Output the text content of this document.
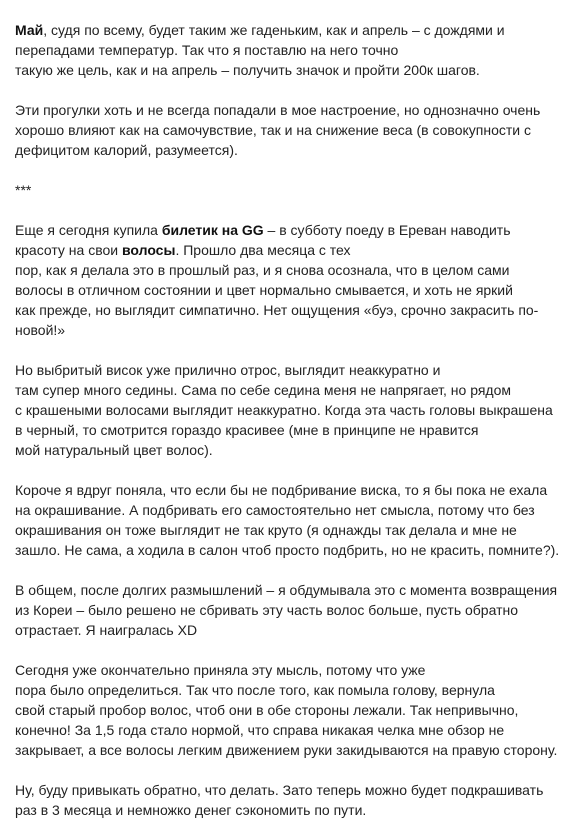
Май, судя по всему, будет таким же гаденьким, как и апрель – с дождями и
перепадами температур. Так что я поставлю на него точно
такую же цель, как и на апрель – получить значок и пройти 200к шагов.

Эти прогулки хоть и не всегда попадали в мое настроение, но однозначно очень
хорошо влияют как на самочувствие, так и на снижение веса (в совокупности с
дефицитом калорий, разумеется).

***

Еще я сегодня купила билетик на GG – в субботу поеду в Ереван наводить
красоту на свои волосы. Прошло два месяца с тех
пор, как я делала это в прошлый раз, и я снова осознала, что в целом сами
волосы в отличном состоянии и цвет нормально смывается, и хоть не яркий
как прежде, но выглядит симпатично. Нет ощущения «буэ, срочно закрасить по-
новой!»

Но выбритый висок уже прилично отрос, выглядит неаккуратно и
там супер много седины. Сама по себе седина меня не напрягает, но рядом
с крашеными волосами выглядит неаккуратно. Когда эта часть головы выкрашена
в черный, то смотрится гораздо красивее (мне в принципе не нравится
мой натуральный цвет волос).

Короче я вдруг поняла, что если бы не подбривание виска, то я бы пока не ехала
на окрашивание. А подбривать его самостоятельно нет смысла, потому что без
окрашивания он тоже выглядит не так круто (я однажды так делала и мне не
зашло. Не сама, а ходила в салон чтоб просто подбрить, но не красить, помните?).

В общем, после долгих размышлений – я обдумывала это с момента возвращения
из Кореи – было решено не сбривать эту часть волос больше, пусть обратно
отрастает. Я наигралась XD

Сегодня уже окончательно приняла эту мысль, потому что уже
пора было определиться. Так что после того, как помыла голову, вернула
свой старый пробор волос, чтоб они в обе стороны лежали. Так непривычно,
конечно! За 1,5 года стало нормой, что справа никакая челка мне обзор не
закрывает, а все волосы легким движением руки закидываются на правую сторону.

Ну, буду привыкать обратно, что делать. Зато теперь можно будет подкрашивать
раз в 3 месяца и немножко денег сэкономить по пути.
